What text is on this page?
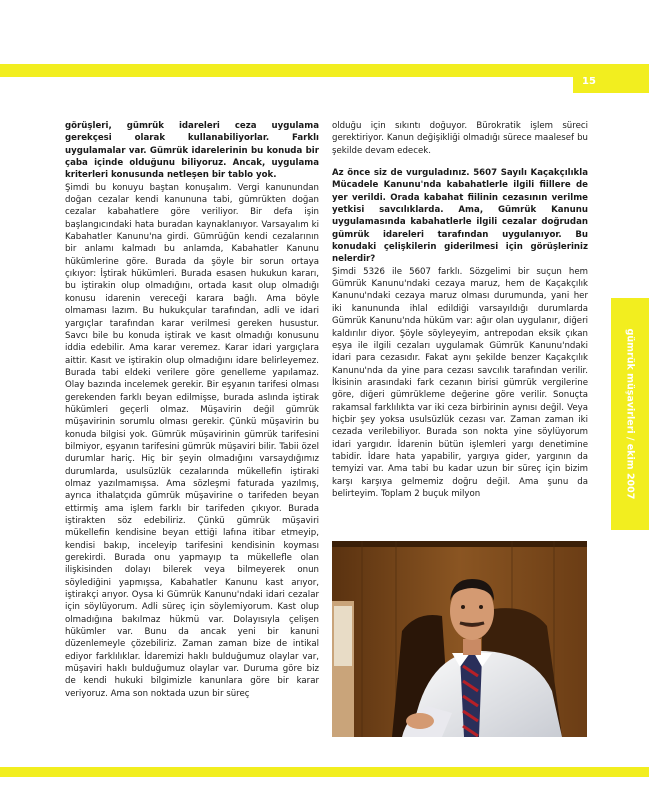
15
gümrük müşavirleri / ekim 2007

görüşleri, gümrük idareleri ceza uygulama gerekçesi olarak kullanabiliyorlar. Farklı uygulamalar var. Gümrük idarelerinin bu konuda bir çaba içinde olduğunu biliyoruz. Ancak, uygulama kriterleri konusunda netleşen bir tablo yok.

Şimdi bu konuyu baştan konuşalım. Vergi kanunundan doğan cezalar kendi kanununa tabi, gümrükten doğan cezalar kabahatlere göre veriliyor. Bir defa işin başlangıcındaki hata buradan kaynaklanıyor. Varsayalım ki Kabahatler Kanunu'na girdi. Gümrüğün kendi cezalarının bir anlamı kalmadı bu anlamda, Kabahatler Kanunu hükümlerine göre. Burada da şöyle bir sorun ortaya çıkıyor: İştirak hükümleri. Burada esasen hukukun kararı, bu iştirakin olup olmadığını, ortada kasıt olup olmadığı konusu idarenin vereceği karara bağlı. Ama böyle olmaması lazım. Bu hukukçular tarafından, adli ve idari yargıçlar tarafından karar verilmesi gereken husustur. Savcı bile bu konuda iştirak ve kasıt olmadığı konusunu iddia edebilir. Ama karar veremez. Karar idari yargıçlara aittir. Kasıt ve iştirakin olup olmadığını idare belirleyemez. Burada tabi eldeki verilere göre genelleme yapılamaz. Olay bazında incelemek gerekir. Bir eşyanın tarifesi olması gerekenden farklı beyan edilmişse, burada aslında iştirak hükümleri geçerli olmaz. Müşavirin değil gümrük müşavirinin sorumlu olması gerekir. Çünkü müşavirin bu konuda bilgisi yok. Gümrük müşavirinin gümrük tarifesini bilmiyor, eşyanın tarifesini gümrük müşaviri bilir. Tabii özel durumlar hariç. Hiç bir şeyin olmadığını varsaydığımız durumlarda, usulsüzlük cezalarında mükellefin iştiraki olmaz yazılmamışsa. Ama sözleşmi faturada yazılmış, ayrıca ithalatçıda gümrük müşavirine o tarifeden beyan ettirmiş ama işlem farklı bir tarifeden çıkıyor. Burada iştirakten söz edebiliriz. Çünkü gümrük müşaviri mükellefin kendisine beyan ettiği lafına itibar etmeyip, kendisi bakıp, inceleyip tarifesini kendisinin koyması gerekirdi. Burada onu yapmayıp ta mükellefle olan ilişkisinden dolayı bilerek veya bilmeyerek onun söylediğini yapmışsa, Kabahatler Kanunu kast arıyor, iştirakçi arıyor. Oysa ki Gümrük Kanunu'ndaki idari cezalar için söylüyorum. Adli süreç için söylemiyorum. Kast olup olmadığına bakılmaz hükmü var. Dolayısıyla çelişen hükümler var. Bunu da ancak yeni bir kanuni düzenlemeyle çözebiliriz. Zaman zaman bize de intikal ediyor farklılıklar. İdaremizi haklı bulduğumuz olaylar var, müşaviri haklı bulduğumuz olaylar var. Duruma göre biz de kendi hukuki bilgimizle kanunlara göre bir karar veriyoruz. Ama son noktada uzun bir süreç

olduğu için sıkıntı doğuyor. Bürokratik işlem süreci gerektiriyor. Kanun değişikliği olmadığı sürece maalesef bu şekilde devam edecek.

Az önce siz de vurguladınız. 5607 Sayılı Kaçakçılıkla Mücadele Kanunu'nda kabahatlerle ilgili fiillere de yer verildi. Orada kabahat fiilinin cezasının verilme yetkisi savcılıklarda. Ama, Gümrük Kanunu uygulamasında kabahatlerle ilgili cezalar doğrudan gümrük idareleri tarafından uygulanıyor. Bu konudaki çelişkilerin giderilmesi için görüşleriniz nelerdir?

Şimdi 5326 ile 5607 farklı. Sözgelimi bir suçun hem Gümrük Kanunu'ndaki cezaya maruz, hem de Kaçakçılık Kanunu'ndaki cezaya maruz olması durumunda, yani her iki kanununda ihlal edildiği varsayıldığı durumlarda Gümrük Kanunu'nda hüküm var: ağır olan uygulanır, diğeri kaldırılır diyor. Şöyle söyleyeyim, antrepodan eksik çıkan eşya ile ilgili cezaları uygulamak Gümrük Kanunu'ndaki idari para cezasıdır. Fakat aynı şekilde benzer Kaçakçılık Kanunu'nda da yine para cezası savcılık tarafından verilir. İkisinin arasındaki fark cezanın birisi gümrük vergilerine göre, diğeri gümrükleme değerine göre verilir. Sonuçta rakamsal farklılıkta var iki ceza birbirinin aynısı değil. Veya hiçbir şey yoksa usulsüzlük cezası var. Zaman zaman iki cezada verilebiliyor. Burada son nokta yine söylüyorum idari yargıdır. İdarenin bütün işlemleri yargı denetimine tabidir. İdare hata yapabilir, yargıya gider, yargının da temyizi var. Ama tabi bu kadar uzun bir süreç için bizim karşı karşıya gelmemiz doğru değil. Ama şunu da belirteyim. Toplam 2 buçuk milyon
